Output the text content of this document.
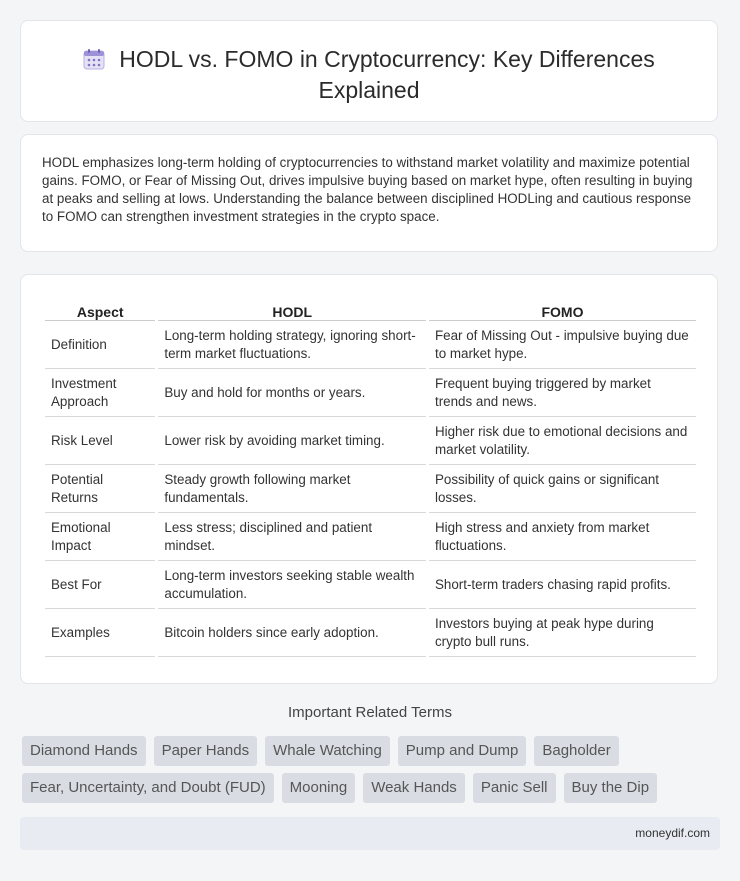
HODL vs. FOMO in Cryptocurrency: Key Differences
Explained

HODL emphasizes long-term holding of cryptocurrencies to withstand market volatility and maximize potential gains. FOMO, or Fear of Missing Out, drives impulsive buying based on market hype, often resulting in buying at peaks and selling at lows. Understanding the balance between disciplined HODLing and cautious response to FOMO can strengthen investment strategies in the crypto space.

Aspect	HODL	FOMO
Definition	Long-term holding strategy, ignoring short-term market fluctuations.	Fear of Missing Out - impulsive buying due to market hype.
Investment Approach	Buy and hold for months or years.	Frequent buying triggered by market trends and news.
Risk Level	Lower risk by avoiding market timing.	Higher risk due to emotional decisions and market volatility.
Potential Returns	Steady growth following market fundamentals.	Possibility of quick gains or significant losses.
Emotional Impact	Less stress; disciplined and patient mindset.	High stress and anxiety from market fluctuations.
Best For	Long-term investors seeking stable wealth accumulation.	Short-term traders chasing rapid profits.
Examples	Bitcoin holders since early adoption.	Investors buying at peak hype during crypto bull runs.
Important Related Terms
Diamond Hands	Paper Hands	Whale Watching	Pump and Dump	Bagholder
Fear, Uncertainty, and Doubt (FUD)	Mooning	Weak Hands	Panic Sell	Buy the Dip
moneydif.com
